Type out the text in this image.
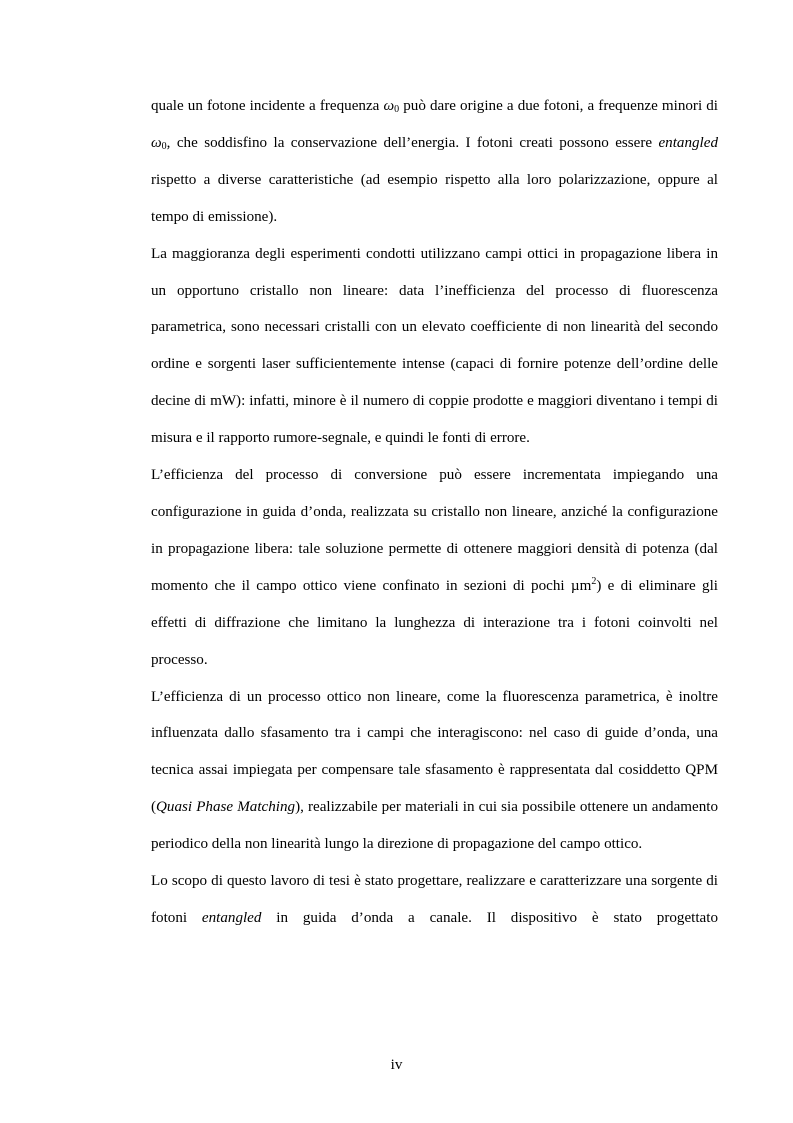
quale un fotone incidente a frequenza $\omega_0$ può dare origine a due fotoni, a frequenze minori di $\omega_0$, che soddisfino la conservazione dell’energia. I fotoni creati possono essere entangled rispetto a diverse caratteristiche (ad esempio rispetto alla loro polarizzazione, oppure al tempo di emissione).

La maggioranza degli esperimenti condotti utilizzano campi ottici in propagazione libera in un opportuno cristallo non lineare: data l’inefficienza del processo di fluorescenza parametrica, sono necessari cristalli con un elevato coefficiente di non linearità del secondo ordine e sorgenti laser sufficientemente intense (capaci di fornire potenze dell’ordine delle decine di mW): infatti, minore è il numero di coppie prodotte e maggiori diventano i tempi di misura e il rapporto rumore-segnale, e quindi le fonti di errore.

L’efficienza del processo di conversione può essere incrementata impiegando una configurazione in guida d’onda, realizzata su cristallo non lineare, anziché la configurazione in propagazione libera: tale soluzione permette di ottenere maggiori densità di potenza (dal momento che il campo ottico viene confinato in sezioni di pochi µm$^2$) e di eliminare gli effetti di diffrazione che limitano la lunghezza di interazione tra i fotoni coinvolti nel processo.

L’efficienza di un processo ottico non lineare, come la fluorescenza parametrica, è inoltre influenzata dallo sfasamento tra i campi che interagiscono: nel caso di guide d’onda, una tecnica assai impiegata per compensare tale sfasamento è rappresentata dal cosiddetto QPM (Quasi Phase Matching), realizzabile per materiali in cui sia possibile ottenere un andamento periodico della non linearità lungo la direzione di propagazione del campo ottico.

Lo scopo di questo lavoro di tesi è stato progettare, realizzare e caratterizzare una sorgente di fotoni entangled in guida d’onda a canale. Il dispositivo è stato progettato

iv
